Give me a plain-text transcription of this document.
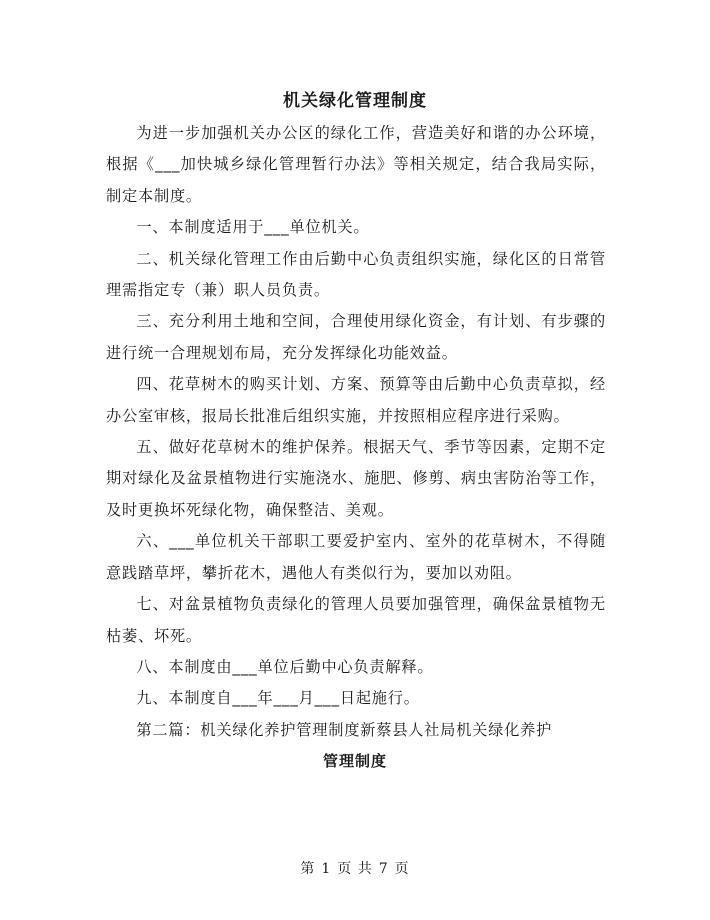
机关绿化管理制度

为进一步加强机关办公区的绿化工作，营造美好和谐的办公环境，根据《___加快城乡绿化管理暂行办法》等相关规定，结合我局实际，制定本制度。

一、本制度适用于___单位机关。

二、机关绿化管理工作由后勤中心负责组织实施，绿化区的日常管理需指定专（兼）职人员负责。

三、充分利用土地和空间，合理使用绿化资金，有计划、有步骤的进行统一合理规划布局，充分发挥绿化功能效益。

四、花草树木的购买计划、方案、预算等由后勤中心负责草拟，经办公室审核，报局长批准后组织实施，并按照相应程序进行采购。

五、做好花草树木的维护保养。根据天气、季节等因素，定期不定期对绿化及盆景植物进行实施浇水、施肥、修剪、病虫害防治等工作，及时更换坏死绿化物，确保整洁、美观。

六、___单位机关干部职工要爱护室内、室外的花草树木，不得随意践踏草坪，攀折花木，遇他人有类似行为，要加以劝阻。

七、对盆景植物负责绿化的管理人员要加强管理，确保盆景植物无枯萎、坏死。

八、本制度由___单位后勤中心负责解释。

九、本制度自___年___月___日起施行。

第二篇：机关绿化养护管理制度新蔡县人社局机关绿化养护

管理制度
第 1 页 共 7 页
